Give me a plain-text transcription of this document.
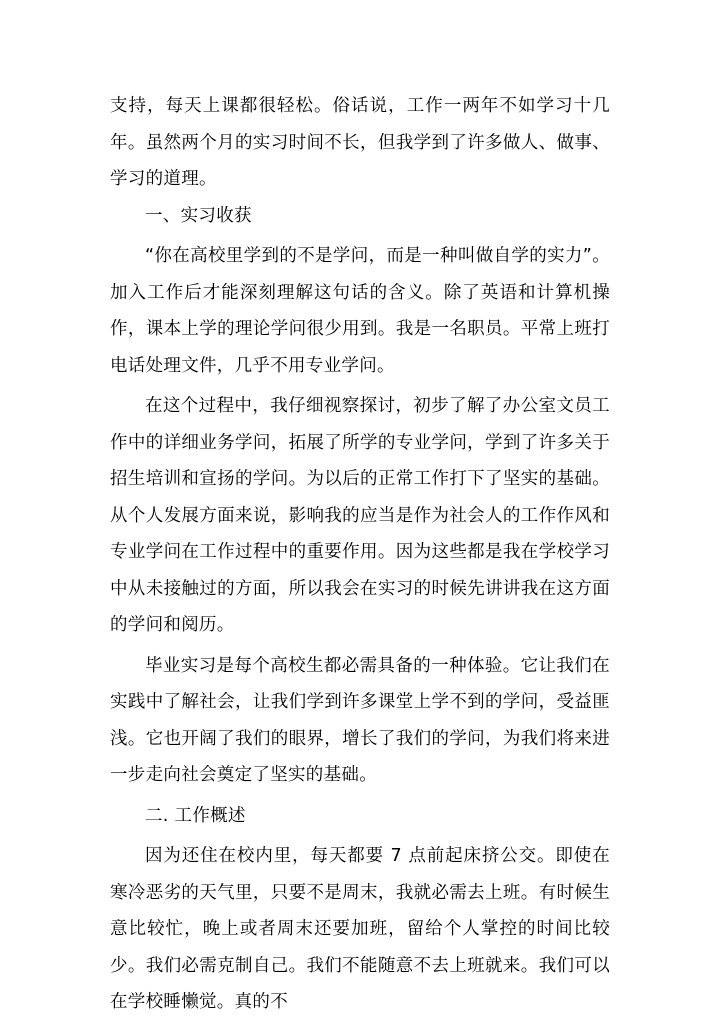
支持，每天上课都很轻松。俗话说，工作一两年不如学习十几年。虽然两个月的实习时间不长，但我学到了许多做人、做事、学习的道理。

一、实习收获

“你在高校里学到的不是学问，而是一种叫做自学的实力”。加入工作后才能深刻理解这句话的含义。除了英语和计算机操作，课本上学的理论学问很少用到。我是一名职员。平常上班打电话处理文件，几乎不用专业学问。

在这个过程中，我仔细视察探讨，初步了解了办公室文员工作中的详细业务学问，拓展了所学的专业学问，学到了许多关于招生培训和宣扬的学问。为以后的正常工作打下了坚实的基础。从个人发展方面来说，影响我的应当是作为社会人的工作作风和专业学问在工作过程中的重要作用。因为这些都是我在学校学习中从未接触过的方面，所以我会在实习的时候先讲讲我在这方面的学问和阅历。

毕业实习是每个高校生都必需具备的一种体验。它让我们在实践中了解社会，让我们学到许多课堂上学不到的学问，受益匪浅。它也开阔了我们的眼界，增长了我们的学问，为我们将来进一步走向社会奠定了坚实的基础。

二. 工作概述

因为还住在校内里，每天都要 7 点前起床挤公交。即使在寒冷恶劣的天气里，只要不是周末，我就必需去上班。有时候生意比较忙，晚上或者周末还要加班，留给个人掌控的时间比较少。我们必需克制自己。我们不能随意不去上班就来。我们可以在学校睡懒觉。真的不
